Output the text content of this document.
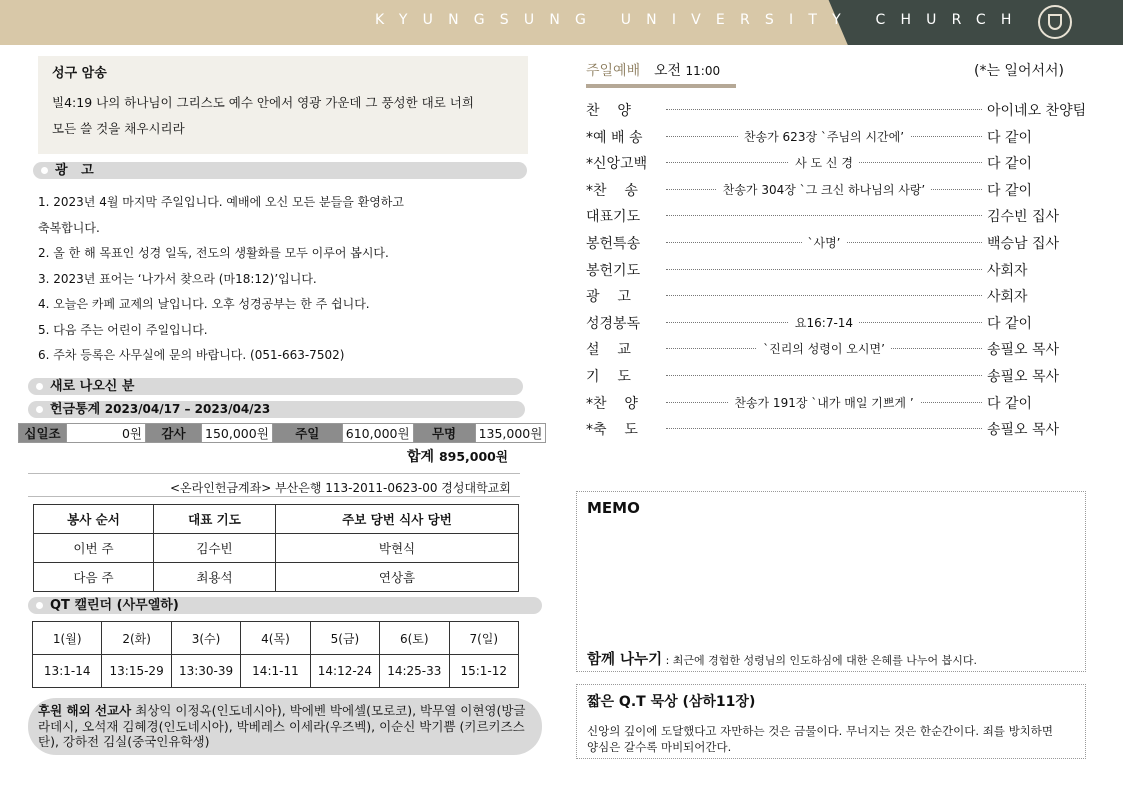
KYUNGSUNG UNIVERSITY CHURCH
성구 암송
빌4:19 나의 하나님이 그리스도 예수 안에서 영광 가운데 그 풍성한 대로 너희
모든 쓸 것을 채우시리라
광   고
1. 2023년 4월 마지막 주일입니다. 예배에 오신 모든 분들을 환영하고
축복합니다.
2. 올 한 해 목표인 성경 일독, 전도의 생활화를 모두 이루어 봅시다.
3. 2023년 표어는 ‘나가서 찾으라 (마18:12)’입니다.
4. 오늘은 카페 교제의 날입니다. 오후 성경공부는 한 주 쉽니다.
5. 다음 주는 어린이 주일입니다.
6. 주차 등록은 사무실에 문의 바랍니다. (051-663-7502)
새로 나오신 분
헌금통계 2023/04/17 – 2023/04/23
십일조	0원	감사	150,000원	주일	610,000원	무명	135,000원
합계 895,000원
<온라인헌금계좌> 부산은행 113-2011-0623-00 경성대학교회
봉사 순서	대표 기도	주보 당번 식사 당번
이번 주	김수빈	박현식
다음 주	최용석	연상흠
QT 캘린더 (사무엘하)
1(월)	2(화)	3(수)	4(목)	5(금)	6(토)	7(일)
13:1-14	13:15-29	13:30-39	14:1-11	14:12-24	14:25-33	15:1-12
후원 해외 선교사 최상익 이정옥(인도네시아), 박에벤 박에셀(모로코), 박무열 이현영(방글라데시, 오석재 김혜경(인도네시아), 박베레스 이세라(우즈벡), 이순신 박기쁨 (키르키즈스탄), 강하전 김실(중국인유학생)
주일예배 오전 11:00	(*는 일어서서)
찬    양	아이네오 찬양팀
*예 배 송	찬송가 623장 `주님의 시간에’	다 같이
*신앙고백	사 도 신 경	다 같이
*찬    송	찬송가 304장 `그 크신 하나님의 사랑’	다 같이
대표기도	김수빈 집사
봉헌특송	`사명’	백승남 집사
봉헌기도	사회자
광    고	사회자
성경봉독	요16:7-14	다 같이
설    교	`진리의 성령이 오시면’	송필오 목사
기    도	송필오 목사
*찬    양	찬송가 191장 `내가 매일 기쁘게 ’	다 같이
*축    도	송필오 목사
MEMO
함께 나누기 : 최근에 경험한 성령님의 인도하심에 대한 은혜를 나누어 봅시다.
짧은 Q.T 묵상 (삼하11장)
신앙의 깊이에 도달했다고 자만하는 것은 금물이다. 무너지는 것은 한순간이다. 죄를 방치하면 양심은 갈수록 마비되어간다.
